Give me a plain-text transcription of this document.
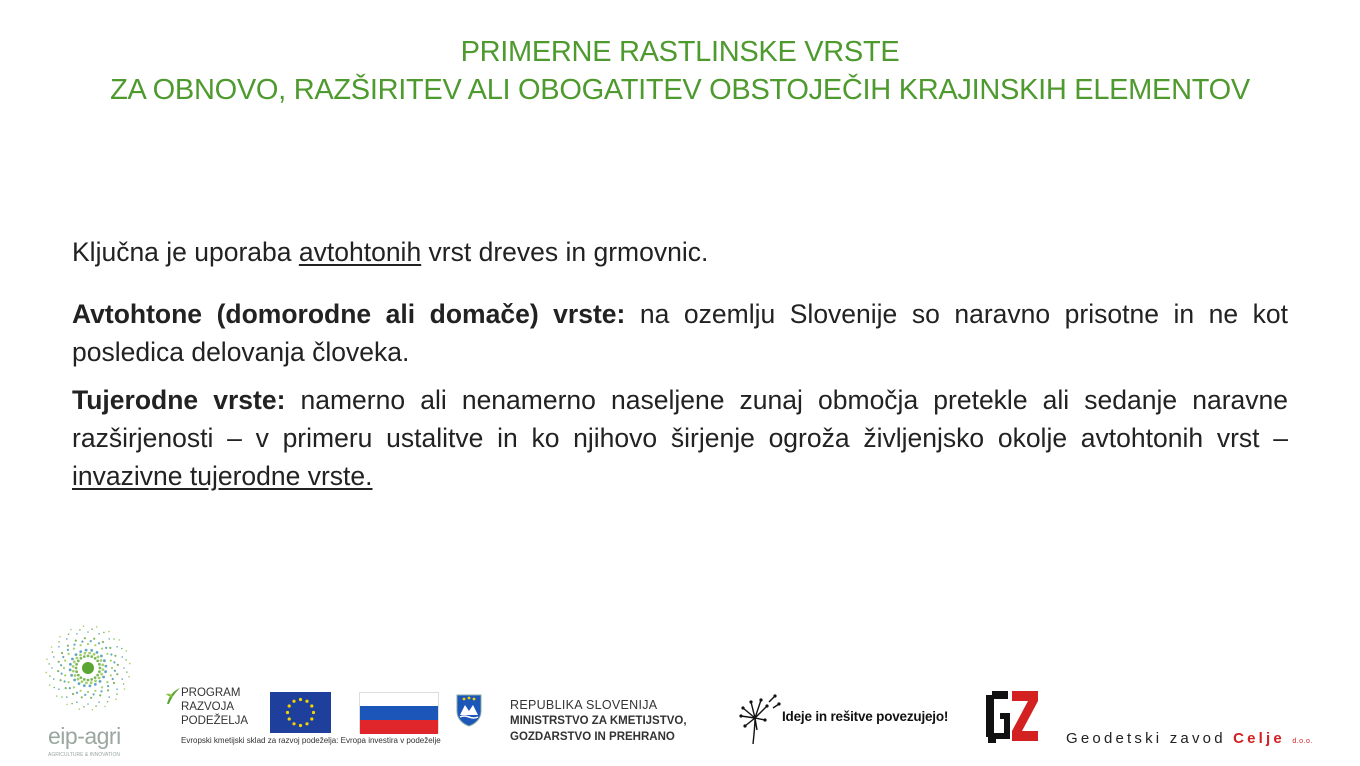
PRIMERNE RASTLINSKE VRSTE
ZA OBNOVO, RAZŠIRITEV ALI OBOGATITEV OBSTOJEČIH KRAJINSKIH ELEMENTOV

Ključna je uporaba avtohtonih vrst dreves in grmovnic.

Avtohtone (domorodne ali domače) vrste: na ozemlju Slovenije so naravno prisotne in ne kot posledica delovanja človeka.

Tujerodne vrste: namerno ali nenamerno naseljene zunaj območja pretekle ali sedanje naravne razširjenosti – v primeru ustalitve in ko njihovo širjenje ogroža življenjsko okolje avtohtonih vrst – invazivne tujerodne vrste.

eip-agri
AGRICULTURE & INNOVATION
PROGRAM
RAZVOJA
PODEŽELJA
Evropski kmetijski sklad za razvoj podeželja: Evropa investira v podeželje
REPUBLIKA SLOVENIJA
MINISTRSTVO ZA KMETIJSTVO,
GOZDARSTVO IN PREHRANO
Ideje in rešitve povezujejo!
Geodetski zavod Celje d.o.o.
